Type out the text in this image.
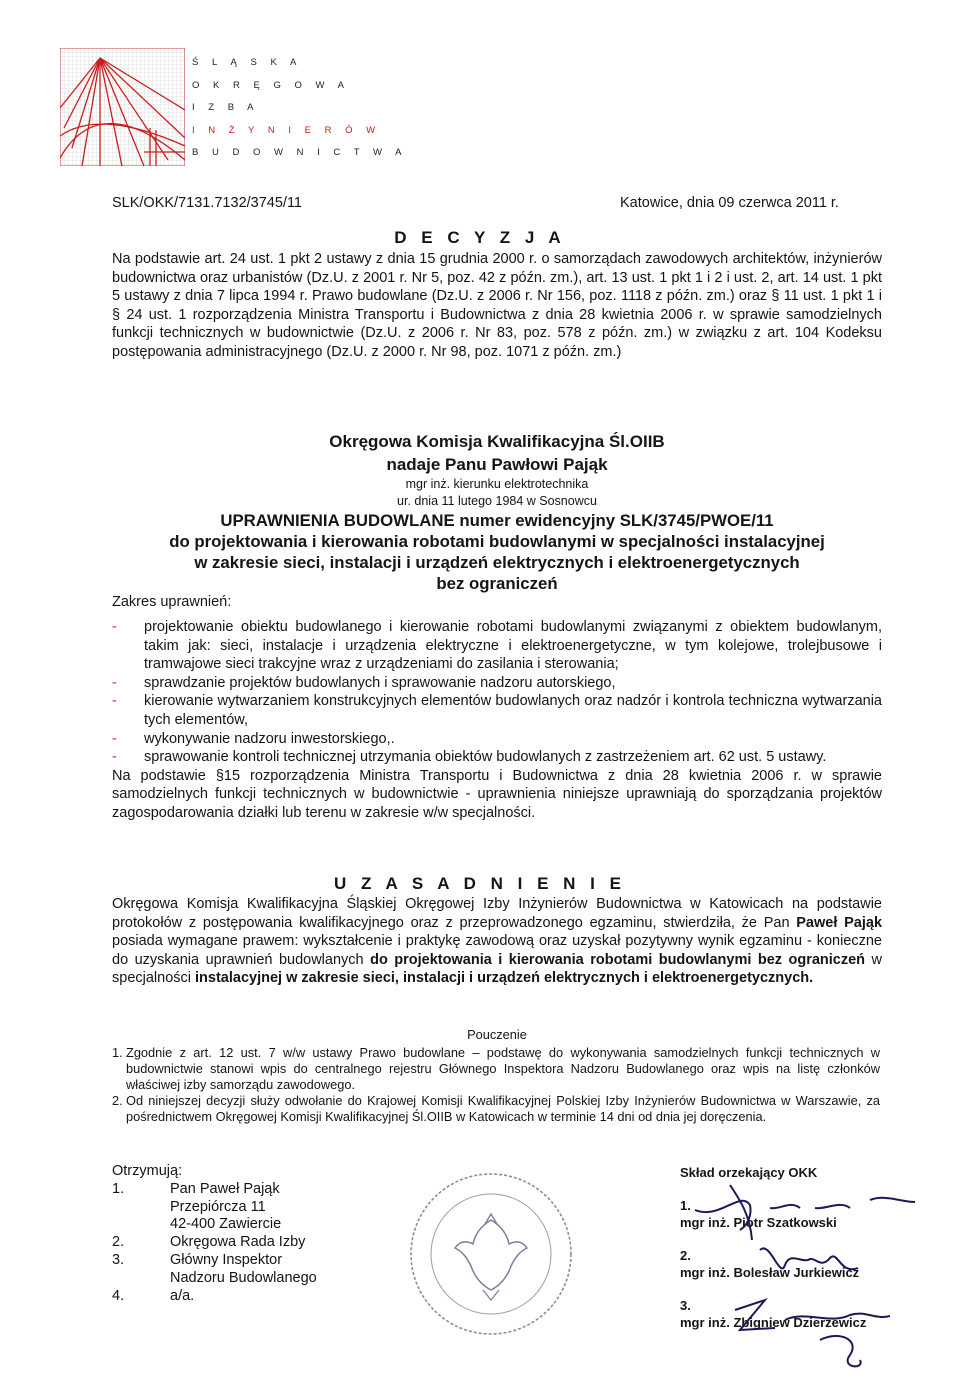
Ś L Ą S K A
O K R Ę G O W A
I Z B A
I N Ż Y N I E R Ó W
B U D O W N I C T W A
SLK/OKK/7131.7132/3745/11	Katowice, dnia 09 czerwca 2011 r.
D E C Y Z J A
Na podstawie art. 24 ust. 1 pkt 2 ustawy z dnia 15 grudnia 2000 r. o samorządach zawodowych architektów, inżynierów budownictwa oraz urbanistów (Dz.U. z 2001 r. Nr 5, poz. 42 z późn. zm.), art. 13 ust. 1 pkt 1 i 2 i ust. 2, art. 14 ust. 1 pkt 5 ustawy z dnia 7 lipca 1994 r. Prawo budowlane (Dz.U. z 2006 r. Nr 156, poz. 1118 z późn. zm.) oraz § 11 ust. 1 pkt 1 i § 24 ust. 1 rozporządzenia Ministra Transportu i Budownictwa z dnia 28 kwietnia 2006 r. w sprawie samodzielnych funkcji technicznych w budownictwie (Dz.U. z 2006 r. Nr 83, poz. 578 z późn. zm.) w związku z art. 104 Kodeksu postępowania administracyjnego (Dz.U. z 2000 r. Nr 98, poz. 1071 z późn. zm.)
Okręgowa Komisja Kwalifikacyjna Śl.OIIB
nadaje Panu Pawłowi Pająk
mgr inż. kierunku elektrotechnika
ur. dnia 11 lutego 1984 w Sosnowcu
UPRAWNIENIA BUDOWLANE numer ewidencyjny SLK/3745/PWOE/11
do projektowania i kierowania robotami budowlanymi w specjalności instalacyjnej
w zakresie sieci, instalacji i urządzeń elektrycznych i elektroenergetycznych
bez ograniczeń
Zakres uprawnień:
- projektowanie obiektu budowlanego i kierowanie robotami budowlanymi związanymi z obiektem budowlanym, takim jak: sieci, instalacje i urządzenia elektryczne i elektroenergetyczne, w tym kolejowe, trolejbusowe i tramwajowe sieci trakcyjne wraz z urządzeniami do zasilania i sterowania;
- sprawdzanie projektów budowlanych i sprawowanie nadzoru autorskiego,
- kierowanie wytwarzaniem konstrukcyjnych elementów budowlanych oraz nadzór i kontrola techniczna wytwarzania tych elementów,
- wykonywanie nadzoru inwestorskiego,.
- sprawowanie kontroli technicznej utrzymania obiektów budowlanych z zastrzeżeniem art. 62 ust. 5 ustawy.

Na podstawie §15 rozporządzenia Ministra Transportu i Budownictwa z dnia 28 kwietnia 2006 r. w sprawie samodzielnych funkcji technicznych w budownictwie - uprawnienia niniejsze uprawniają do sporządzania projektów zagospodarowania działki lub terenu w zakresie w/w specjalności.

U Z A S A D N I E N I E
Okręgowa Komisja Kwalifikacyjna Śląskiej Okręgowej Izby Inżynierów Budownictwa w Katowicach na podstawie protokołów z postępowania kwalifikacyjnego oraz z przeprowadzonego egzaminu, stwierdziła, że Pan Paweł Pająk posiada wymagane prawem: wykształcenie i praktykę zawodową oraz uzyskał pozytywny wynik egzaminu - konieczne do uzyskania uprawnień budowlanych do projektowania i kierowania robotami budowlanymi bez ograniczeń w specjalności instalacyjnej w zakresie sieci, instalacji i urządzeń elektrycznych i elektroenergetycznych.
Pouczenie
1. Zgodnie z art. 12 ust. 7 w/w ustawy Prawo budowlane – podstawę do wykonywania samodzielnych funkcji technicznych w budownictwie stanowi wpis do centralnego rejestru Głównego Inspektora Nadzoru Budowlanego oraz wpis na listę członków właściwej izby samorządu zawodowego.
2. Od niniejszej decyzji służy odwołanie do Krajowej Komisji Kwalifikacyjnej Polskiej Izby Inżynierów Budownictwa w Warszawie, za pośrednictwem Okręgowej Komisji Kwalifikacyjnej Śl.OIIB w Katowicach w terminie 14 dni od dnia jej doręczenia.
Otrzymują:
1.	Pan Paweł Pająk
Przepiórcza 11
42-400 Zawiercie
2.	Okręgowa Rada Izby
3.	Główny Inspektor
Nadzoru Budowlanego
4.	a/a.
Skład orzekający OKK
1.
mgr inż. Piotr Szatkowski
2.
mgr inż. Bolesław Jurkiewicz
3.
mgr inż. Zbigniew Dzierżewicz
